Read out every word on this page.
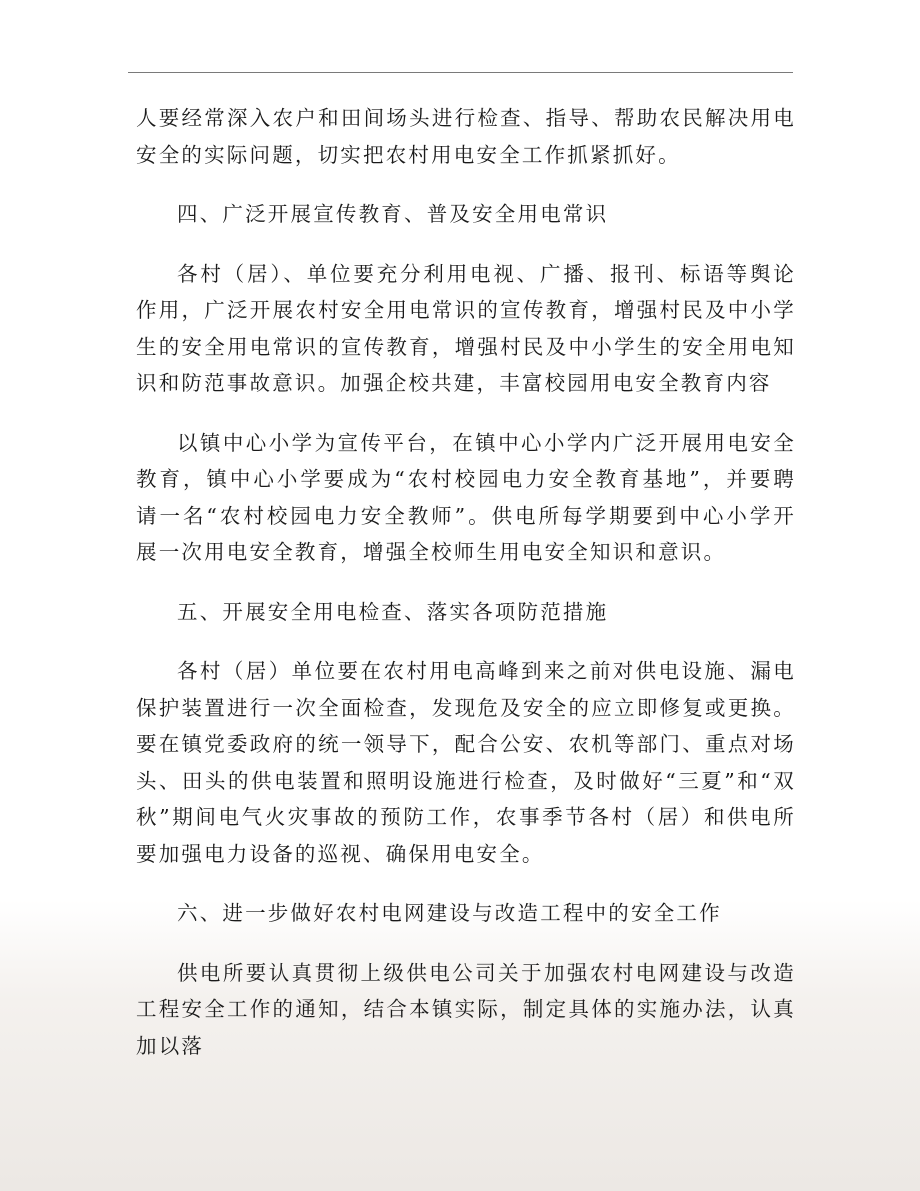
人要经常深入农户和田间场头进行检查、指导、帮助农民解决用电安全的实际问题，切实把农村用电安全工作抓紧抓好。

四、广泛开展宣传教育、普及安全用电常识

各村（居）、单位要充分利用电视、广播、报刊、标语等舆论作用，广泛开展农村安全用电常识的宣传教育，增强村民及中小学生的安全用电常识的宣传教育，增强村民及中小学生的安全用电知识和防范事故意识。加强企校共建，丰富校园用电安全教育内容

以镇中心小学为宣传平台，在镇中心小学内广泛开展用电安全教育，镇中心小学要成为“农村校园电力安全教育基地”，并要聘请一名“农村校园电力安全教师”。供电所每学期要到中心小学开展一次用电安全教育，增强全校师生用电安全知识和意识。

五、开展安全用电检查、落实各项防范措施

各村（居）单位要在农村用电高峰到来之前对供电设施、漏电保护装置进行一次全面检查，发现危及安全的应立即修复或更换。要在镇党委政府的统一领导下，配合公安、农机等部门、重点对场头、田头的供电装置和照明设施进行检查，及时做好“三夏”和“双秋”期间电气火灾事故的预防工作，农事季节各村（居）和供电所要加强电力设备的巡视、确保用电安全。

六、进一步做好农村电网建设与改造工程中的安全工作

供电所要认真贯彻上级供电公司关于加强农村电网建设与改造工程安全工作的通知，结合本镇实际，制定具体的实施办法，认真加以落
